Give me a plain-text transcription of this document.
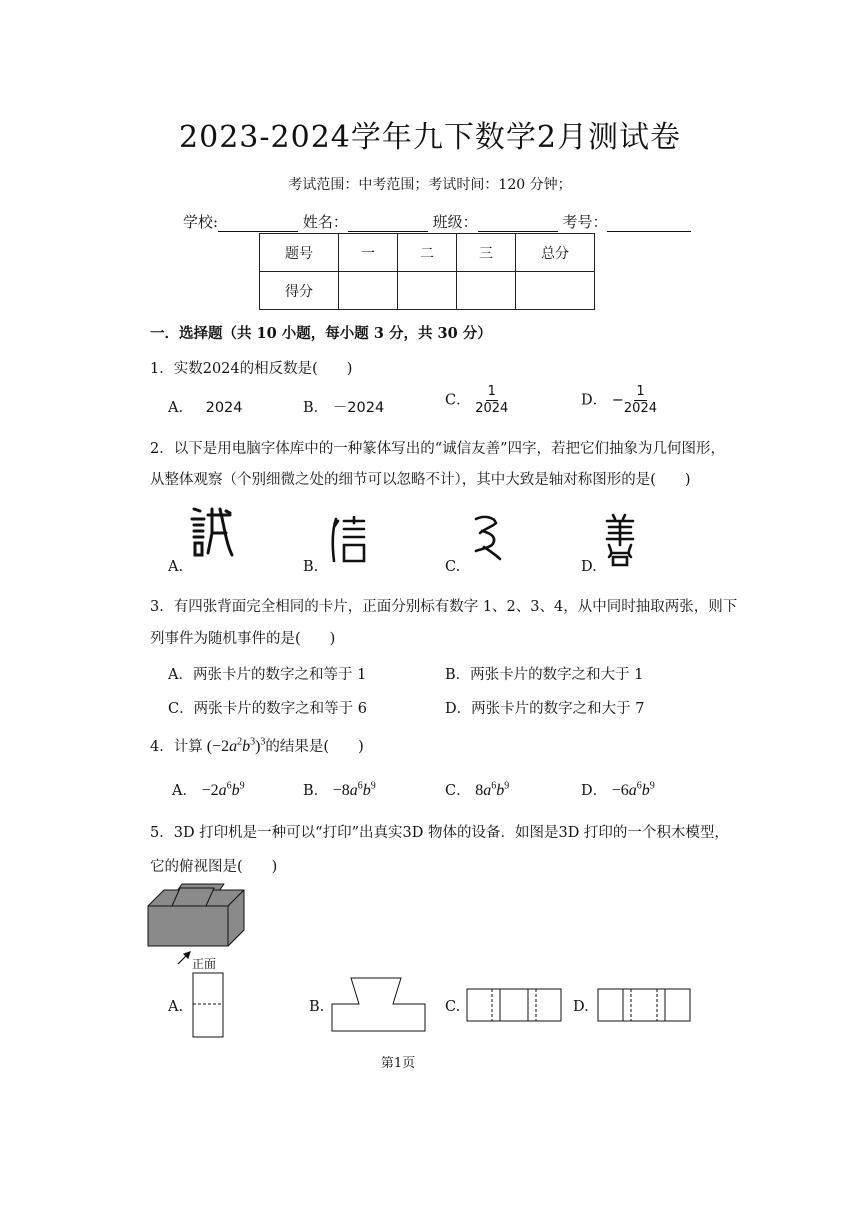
2023-2024学年九下数学2月测试卷
考试范围：中考范围；考试时间：120 分钟；
学校:	姓名：	班级：	考号：
题号	一	二	三	总分
得分				
一．选择题（共 10 小题，每小题 3 分，共 30 分）
1．实数2024的相反数是(　　)
A． 2024	B． －2024	C． $\frac{1}{2024}$	D． − $\frac{1}{2024}$
2．以下是用电脑字体库中的一种篆体写出的“诚信友善”四字，若把它们抽象为几何图形，
从整体观察（个别细微之处的细节可以忽略不计），其中大致是轴对称图形的是(　　)
A.	B.	C.	D.
3．有四张背面完全相同的卡片，正面分别标有数字 1、2、3、4，从中同时抽取两张，则下
列事件为随机事件的是(　　)
A．两张卡片的数字之和等于 1	B．两张卡片的数字之和大于 1
C．两张卡片的数字之和等于 6	D．两张卡片的数字之和大于 7
4．计算 $(-2a^2b^3)^3$的结果是(　　)
A． $-2a^6b^9$	B． $-8a^6b^9$	C． $8a^6b^9$	D． $-6a^6b^9$
5．3D 打印机是一种可以“打印”出真实3D 物体的设备．如图是3D 打印的一个积木模型，
它的俯视图是(　　)
正面
A.	B.	C.	D.
第1页
